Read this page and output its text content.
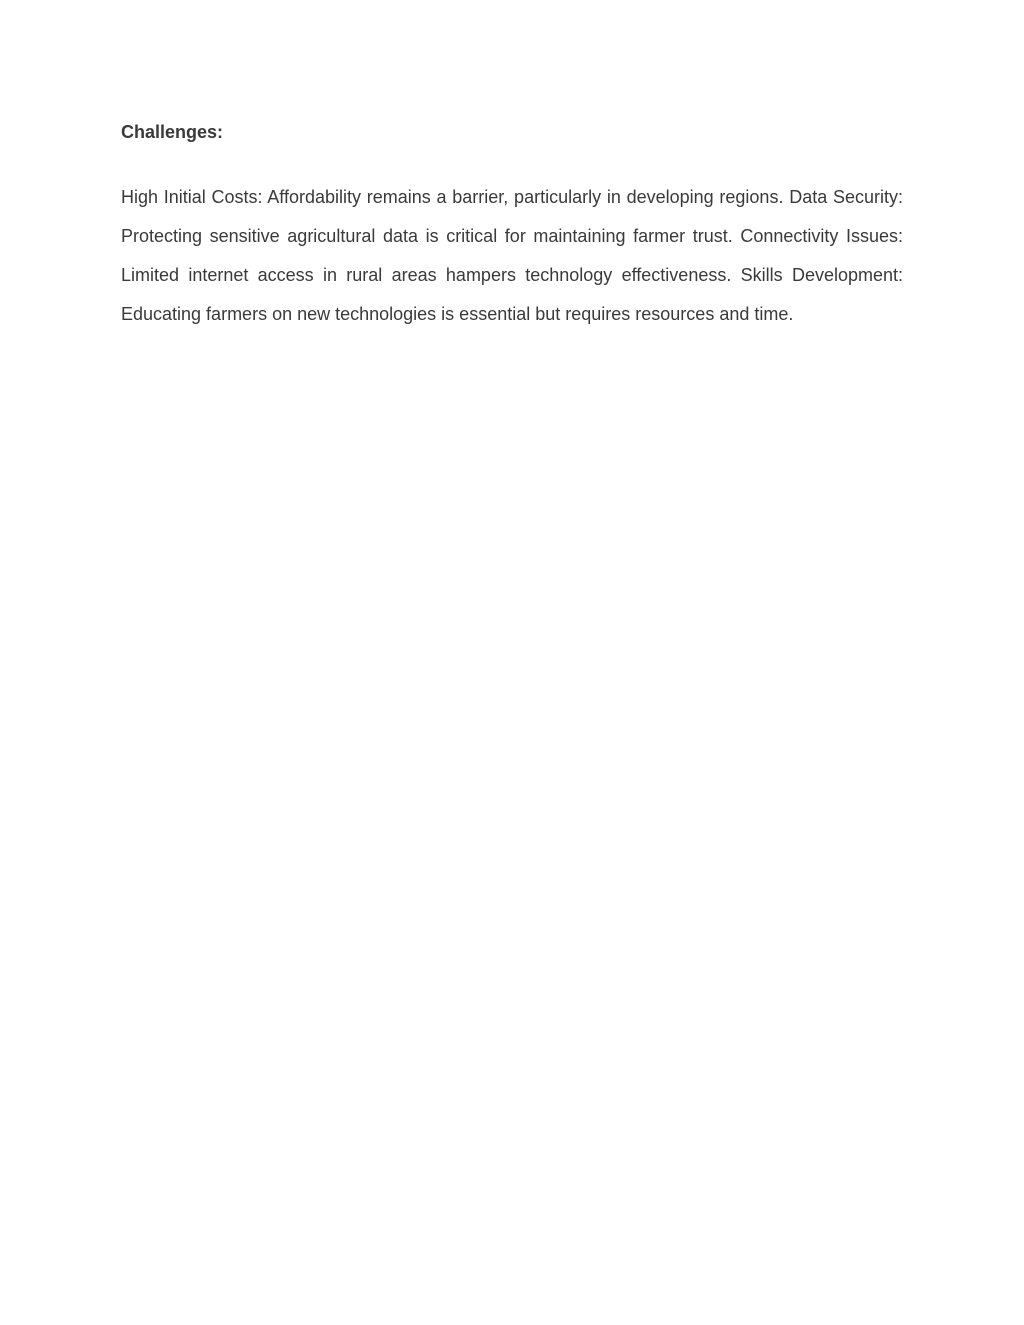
Challenges:

High Initial Costs: Affordability remains a barrier, particularly in developing regions. Data Security: Protecting sensitive agricultural data is critical for maintaining farmer trust. Connectivity Issues: Limited internet access in rural areas hampers technology effectiveness. Skills Development: Educating farmers on new technologies is essential but requires resources and time.
